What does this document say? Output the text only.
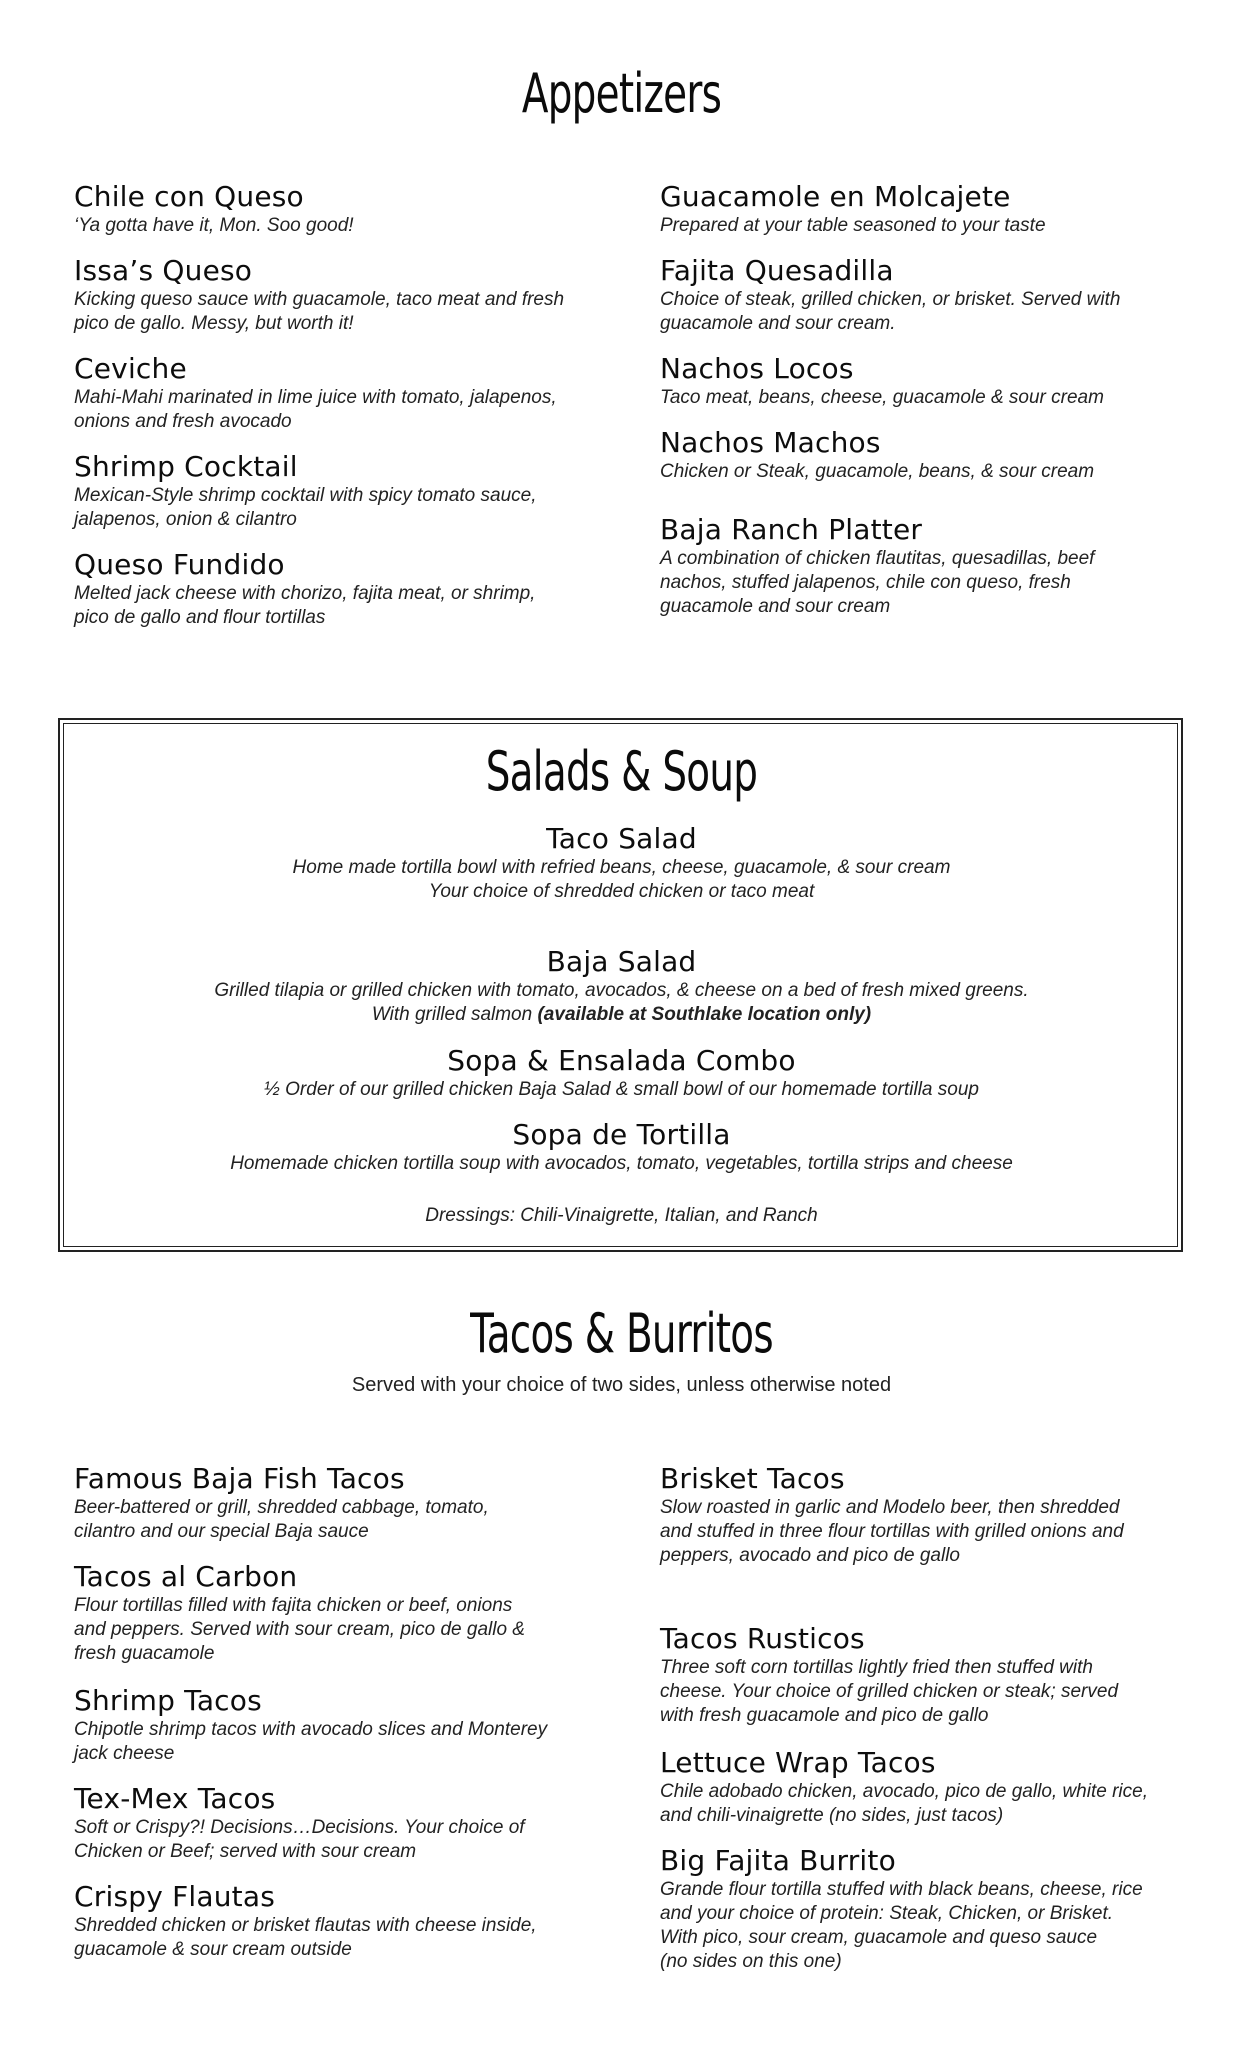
Appetizers
Chile con Queso
‘Ya gotta have it, Mon. Soo good!
Issa’s Queso
Kicking queso sauce with guacamole, taco meat and fresh
pico de gallo. Messy, but worth it!
Ceviche
Mahi-Mahi marinated in lime juice with tomato, jalapenos,
onions and fresh avocado
Shrimp Cocktail
Mexican-Style shrimp cocktail with spicy tomato sauce,
jalapenos, onion & cilantro
Queso Fundido
Melted jack cheese with chorizo, fajita meat, or shrimp,
pico de gallo and flour tortillas
Guacamole en Molcajete
Prepared at your table seasoned to your taste
Fajita Quesadilla
Choice of steak, grilled chicken, or brisket. Served with
guacamole and sour cream.
Nachos Locos
Taco meat, beans, cheese, guacamole & sour cream
Nachos Machos
Chicken or Steak, guacamole, beans, & sour cream
Baja Ranch Platter
A combination of chicken flautitas, quesadillas, beef
nachos, stuffed jalapenos, chile con queso, fresh
guacamole and sour cream
Salads & Soup
Taco Salad
Home made tortilla bowl with refried beans, cheese, guacamole, & sour cream
Your choice of shredded chicken or taco meat
Baja Salad
Grilled tilapia or grilled chicken with tomato, avocados, & cheese on a bed of fresh mixed greens.
With grilled salmon (available at Southlake location only)
Sopa & Ensalada Combo
½ Order of our grilled chicken Baja Salad & small bowl of our homemade tortilla soup
Sopa de Tortilla
Homemade chicken tortilla soup with avocados, tomato, vegetables, tortilla strips and cheese
Dressings: Chili-Vinaigrette, Italian, and Ranch
Tacos & Burritos
Served with your choice of two sides, unless otherwise noted
Famous Baja Fish Tacos
Beer-battered or grill, shredded cabbage, tomato,
cilantro and our special Baja sauce
Tacos al Carbon
Flour tortillas filled with fajita chicken or beef, onions
and peppers. Served with sour cream, pico de gallo &
fresh guacamole
Shrimp Tacos
Chipotle shrimp tacos with avocado slices and Monterey
jack cheese
Tex-Mex Tacos
Soft or Crispy?! Decisions…Decisions. Your choice of
Chicken or Beef; served with sour cream
Crispy Flautas
Shredded chicken or brisket flautas with cheese inside,
guacamole & sour cream outside
Brisket Tacos
Slow roasted in garlic and Modelo beer, then shredded
and stuffed in three flour tortillas with grilled onions and
peppers, avocado and pico de gallo
Tacos Rusticos
Three soft corn tortillas lightly fried then stuffed with
cheese. Your choice of grilled chicken or steak; served
with fresh guacamole and pico de gallo
Lettuce Wrap Tacos
Chile adobado chicken, avocado, pico de gallo, white rice,
and chili-vinaigrette (no sides, just tacos)
Big Fajita Burrito
Grande flour tortilla stuffed with black beans, cheese, rice
and your choice of protein: Steak, Chicken, or Brisket.
With pico, sour cream, guacamole and queso sauce
(no sides on this one)
